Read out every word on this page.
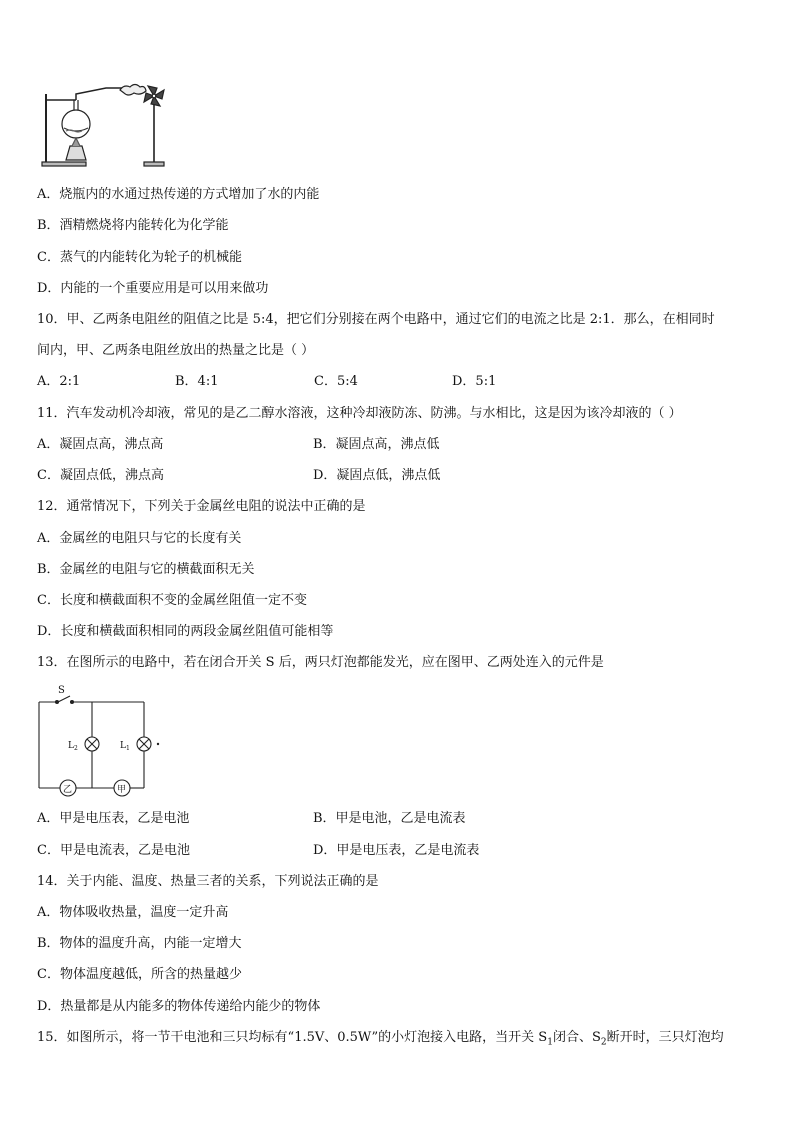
A．烧瓶内的水通过热传递的方式增加了水的内能
B．酒精燃烧将内能转化为化学能
C．蒸气的内能转化为轮子的机械能
D．内能的一个重要应用是可以用来做功
10．甲、乙两条电阻丝的阻值之比是 5:4，把它们分别接在两个电路中，通过它们的电流之比是 2:1．那么，在相同时
间内，甲、乙两条电阻丝放出的热量之比是（ ）
A．2:1	B．4:1	C．5:4	D．5:1
11．汽车发动机冷却液，常见的是乙二醇水溶液，这种冷却液防冻、防沸。与水相比，这是因为该冷却液的（ ）
A．凝固点高，沸点高	B．凝固点高，沸点低
C．凝固点低，沸点高	D．凝固点低，沸点低
12．通常情况下，下列关于金属丝电阻的说法中正确的是
A．金属丝的电阻只与它的长度有关
B．金属丝的电阻与它的横截面积无关
C．长度和横截面积不变的金属丝阻值一定不变
D．长度和横截面积相同的两段金属丝阻值可能相等
13．在图所示的电路中，若在闭合开关 S 后，两只灯泡都能发光，应在图甲、乙两处连入的元件是
S
$L_2$	$L_1$
乙	甲
A．甲是电压表，乙是电池	B．甲是电池，乙是电流表
C．甲是电流表，乙是电池	D．甲是电压表，乙是电流表
14．关于内能、温度、热量三者的关系，下列说法正确的是
A．物体吸收热量，温度一定升高
B．物体的温度升高，内能一定增大
C．物体温度越低，所含的热量越少
D．热量都是从内能多的物体传递给内能少的物体
15．如图所示，将一节干电池和三只均标有“1.5V、0.5W”的小灯泡接入电路，当开关 $S_1$闭合、$S_2$断开时，三只灯泡均
